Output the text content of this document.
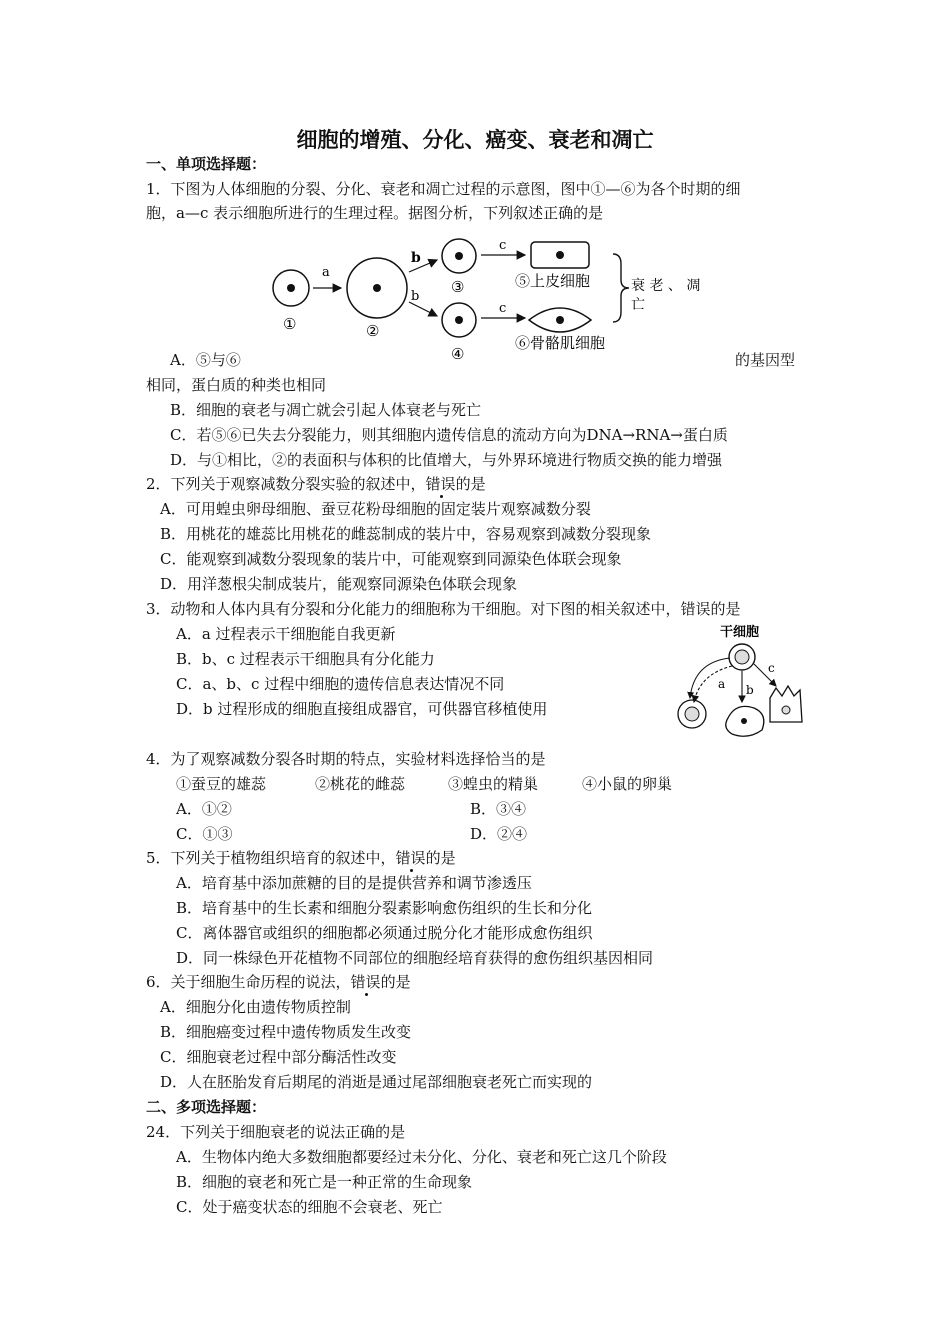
细胞的增殖、分化、癌变、衰老和凋亡
一、单项选择题：
1．下图为人体细胞的分裂、分化、衰老和凋亡过程的示意图，图中①—⑥为各个时期的细
胞，a—c 表示细胞所进行的生理过程。据图分析，下列叙述正确的是
①
a
②
b
b
③
④
c
c
⑤上皮细胞
⑥骨骼肌细胞
衰 老 、 凋
亡
A．⑤与⑥	的基因型
相同，蛋白质的种类也相同
B．细胞的衰老与凋亡就会引起人体衰老与死亡
C．若⑤⑥已失去分裂能力，则其细胞内遗传信息的流动方向为DNA→RNA→蛋白质
D．与①相比，②的表面积与体积的比值增大，与外界环境进行物质交换的能力增强
2．下列关于观察减数分裂实验的叙述中，错误的是
A．可用蝗虫卵母细胞、蚕豆花粉母细胞的固定装片观察减数分裂
B．用桃花的雄蕊比用桃花的雌蕊制成的装片中，容易观察到减数分裂现象
C．能观察到减数分裂现象的装片中，可能观察到同源染色体联会现象
D．用洋葱根尖制成装片，能观察同源染色体联会现象
3．动物和人体内具有分裂和分化能力的细胞称为干细胞。对下图的相关叙述中，错误的是
A．a 过程表示干细胞能自我更新
B．b、c 过程表示干细胞具有分化能力
C．a、b、c 过程中细胞的遗传信息表达情况不同
D．b 过程形成的细胞直接组成器官，可供器官移植使用
干细胞
a b
c
4．为了观察减数分裂各时期的特点，实验材料选择恰当的是
①蚕豆的雄蕊	②桃花的雌蕊	③蝗虫的精巢	④小鼠的卵巢
A．①②	B．③④
C．①③	D．②④
5．下列关于植物组织培育的叙述中，错误的是
A．培育基中添加蔗糖的目的是提供营养和调节渗透压
B．培育基中的生长素和细胞分裂素影响愈伤组织的生长和分化
C．离体器官或组织的细胞都必须通过脱分化才能形成愈伤组织
D．同一株绿色开花植物不同部位的细胞经培育获得的愈伤组织基因相同
6．关于细胞生命历程的说法，错误的是
A．细胞分化由遗传物质控制
B．细胞癌变过程中遗传物质发生改变
C．细胞衰老过程中部分酶活性改变
D．人在胚胎发育后期尾的消逝是通过尾部细胞衰老死亡而实现的
二、多项选择题：
24．下列关于细胞衰老的说法正确的是
A．生物体内绝大多数细胞都要经过未分化、分化、衰老和死亡这几个阶段
B．细胞的衰老和死亡是一种正常的生命现象
C．处于癌变状态的细胞不会衰老、死亡
